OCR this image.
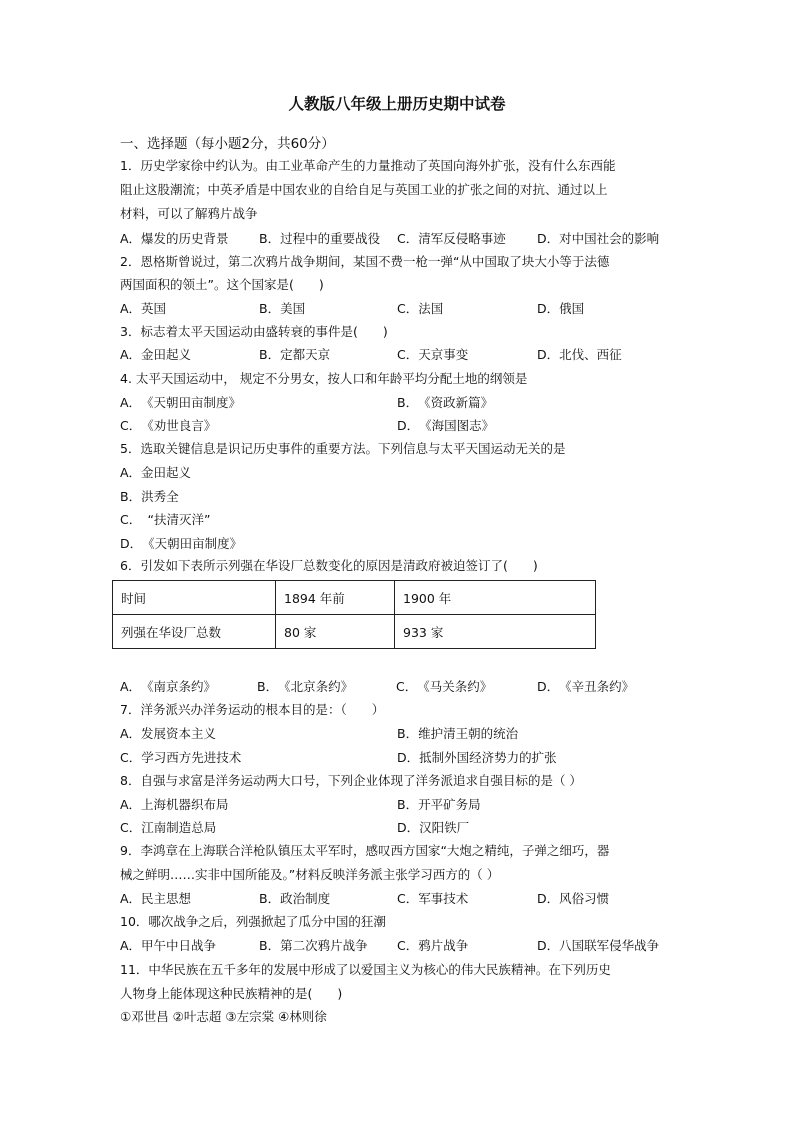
人教版八年级上册历史期中试卷
一、选择题（每小题2分，共60分）
1．历史学家徐中约认为。由工业革命产生的力量推动了英国向海外扩张，没有什么东西能
阻止这股潮流；中英矛盾是中国农业的自给自足与英国工业的扩张之间的对抗、通过以上
材料，可以了解鸦片战争
A．爆发的历史背景 B．过程中的重要战役 C．清军反侵略事迹	D．对中国社会的影响
2．恩格斯曾说过，第二次鸦片战争期间，某国不费一枪一弹“从中国取了块大小等于法德
两国面积的领土”。这个国家是(　　)
A．英国	B．美国	C．法国	D．俄国
3．标志着太平天国运动由盛转衰的事件是(　　)
A．金田起义	B．定都天京	C．天京事变	D．北伐、西征
4. 太平天国运动中， 规定不分男女，按人口和年龄平均分配土地的纲领是
A．　《天朝田亩制度》	B．　《资政新篇》
C．　《劝世良言》	D．　《海国图志》
5．选取关键信息是识记历史事件的重要方法。下列信息与太平天国运动无关的是
A．金田起义
B．洪秀全
C．　“扶清灭洋”
D．　《天朝田亩制度》
6．引发如下表所示列强在华设厂总数变化的原因是清政府被迫签订了(　　)
时间	1894 年前	1900 年
列强在华设厂总数	80 家	933 家
A．　《南京条约》	B．　《北京条约》	C．　《马关条约》	D．　《辛丑条约》
7．洋务派兴办洋务运动的根本目的是：（　　）
A．发展资本主义	B．维护清王朝的统治
C．学习西方先进技术	D．抵制外国经济势力的扩张
8．自强与求富是洋务运动两大口号，下列企业体现了洋务派追求自强目标的是（ ）
A．上海机器织布局	B．开平矿务局
C．江南制造总局	D．汉阳铁厂
9．李鸿章在上海联合洋枪队镇压太平军时，感叹西方国家“大炮之精纯，子弹之细巧，器
械之鲜明……实非中国所能及。”材料反映洋务派主张学习西方的（ ）
A．民主思想	B．政治制度	C．军事技术	D．风俗习惯
10．哪次战争之后，列强掀起了瓜分中国的狂潮
A．甲午中日战争	B．第二次鸦片战争 C．鸦片战争	D．八国联军侵华战争
11．中华民族在五千多年的发展中形成了以爱国主义为核心的伟大民族精神。在下列历史
人物身上能体现这种民族精神的是(　　)
①邓世昌 ②叶志超 ③左宗棠 ④林则徐
